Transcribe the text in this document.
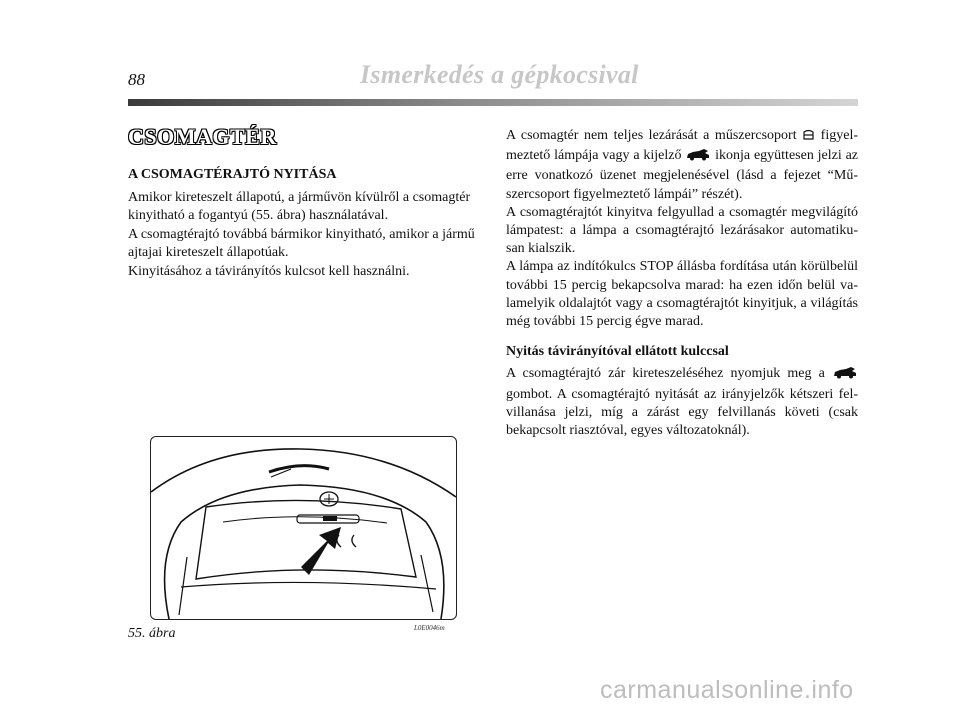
88	Ismerkedés a gépkocsival
CSOMAGTÉR
A CSOMAGTÉRAJTÓ NYITÁSA
Amikor kireteszelt állapotú, a járművön kívülről a csomagtér
kinyitható a fogantyú (55. ábra) használatával.
A csomagtérajtó továbbá bármikor kinyitható, amikor a jármű
ajtajai kireteszelt állapotúak.
Kinyitásához a távirányítós kulcsot kell használni.

A csomagtér nem teljes lezárását a műszercsoport figyel- meztető lámpája vagy a kijelző ikonja együttesen jelzi az erre vonatkozó üzenet megjelenésével (lásd a fejezet “Mű-szercsoport figyelmeztető lámpái” részét).

A csomagtérajtót kinyitva felgyullad a csomagtér megvilágító lámpatest: a lámpa a csomagtérajtó lezárásakor automatiku-san kialszik.

A lámpa az indítókulcs STOP állásba fordítása után körülbelül további 15 percig bekapcsolva marad: ha ezen időn belül va-lamelyik oldalajtót vagy a csomagtérajtót kinyitjuk, a világítás még további 15 percig égve marad.

Nyitás távirányítóval ellátott kulccsal

A csomagtérajtó zár kireteszeléséhez nyomjuk meg a  gombot. A csomagtérajtó nyitását az irányjelzők kétszeri fel-villanása jelzi, míg a zárást egy felvillanás követi (csak bekapcsolt riasztóval, egyes változatoknál).

55. ábra	L0E0046m
carmanualsonline.info
